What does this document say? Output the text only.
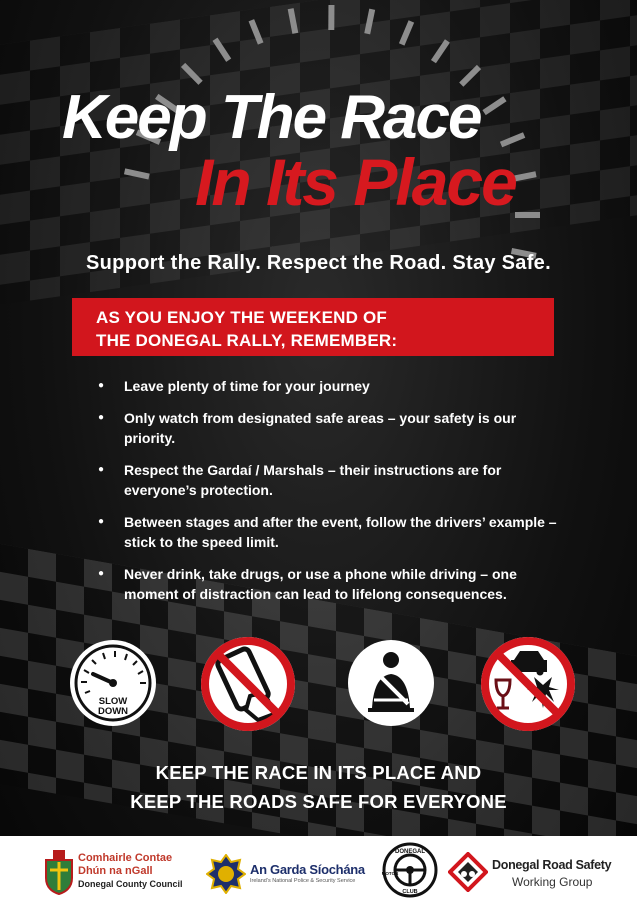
Keep The Race
In Its Place
Support the Rally. Respect the Road. Stay Safe.
AS YOU ENJOY THE WEEKEND OF
THE DONEGAL RALLY, REMEMBER:
● Leave plenty of time for your journey
● Only watch from designated safe areas – your safety is our priority.
● Respect the Gardaí / Marshals – their instructions are for everyone’s protection.
● Between stages and after the event, follow the drivers’ example – stick to the speed limit.
● Never drink, take drugs, or use a phone while driving – one moment of distraction can lead to lifelong consequences.
SLOW
DOWN
KEEP THE RACE IN ITS PLACE AND
KEEP THE ROADS SAFE FOR EVERYONE
Comhairle Contae
Dhún na nGall
Donegal County Council
An Garda Síochána
Ireland’s National Police & Security Service
DONEGAL
MOTOR
CLUB
Donegal Road Safety
Working Group
